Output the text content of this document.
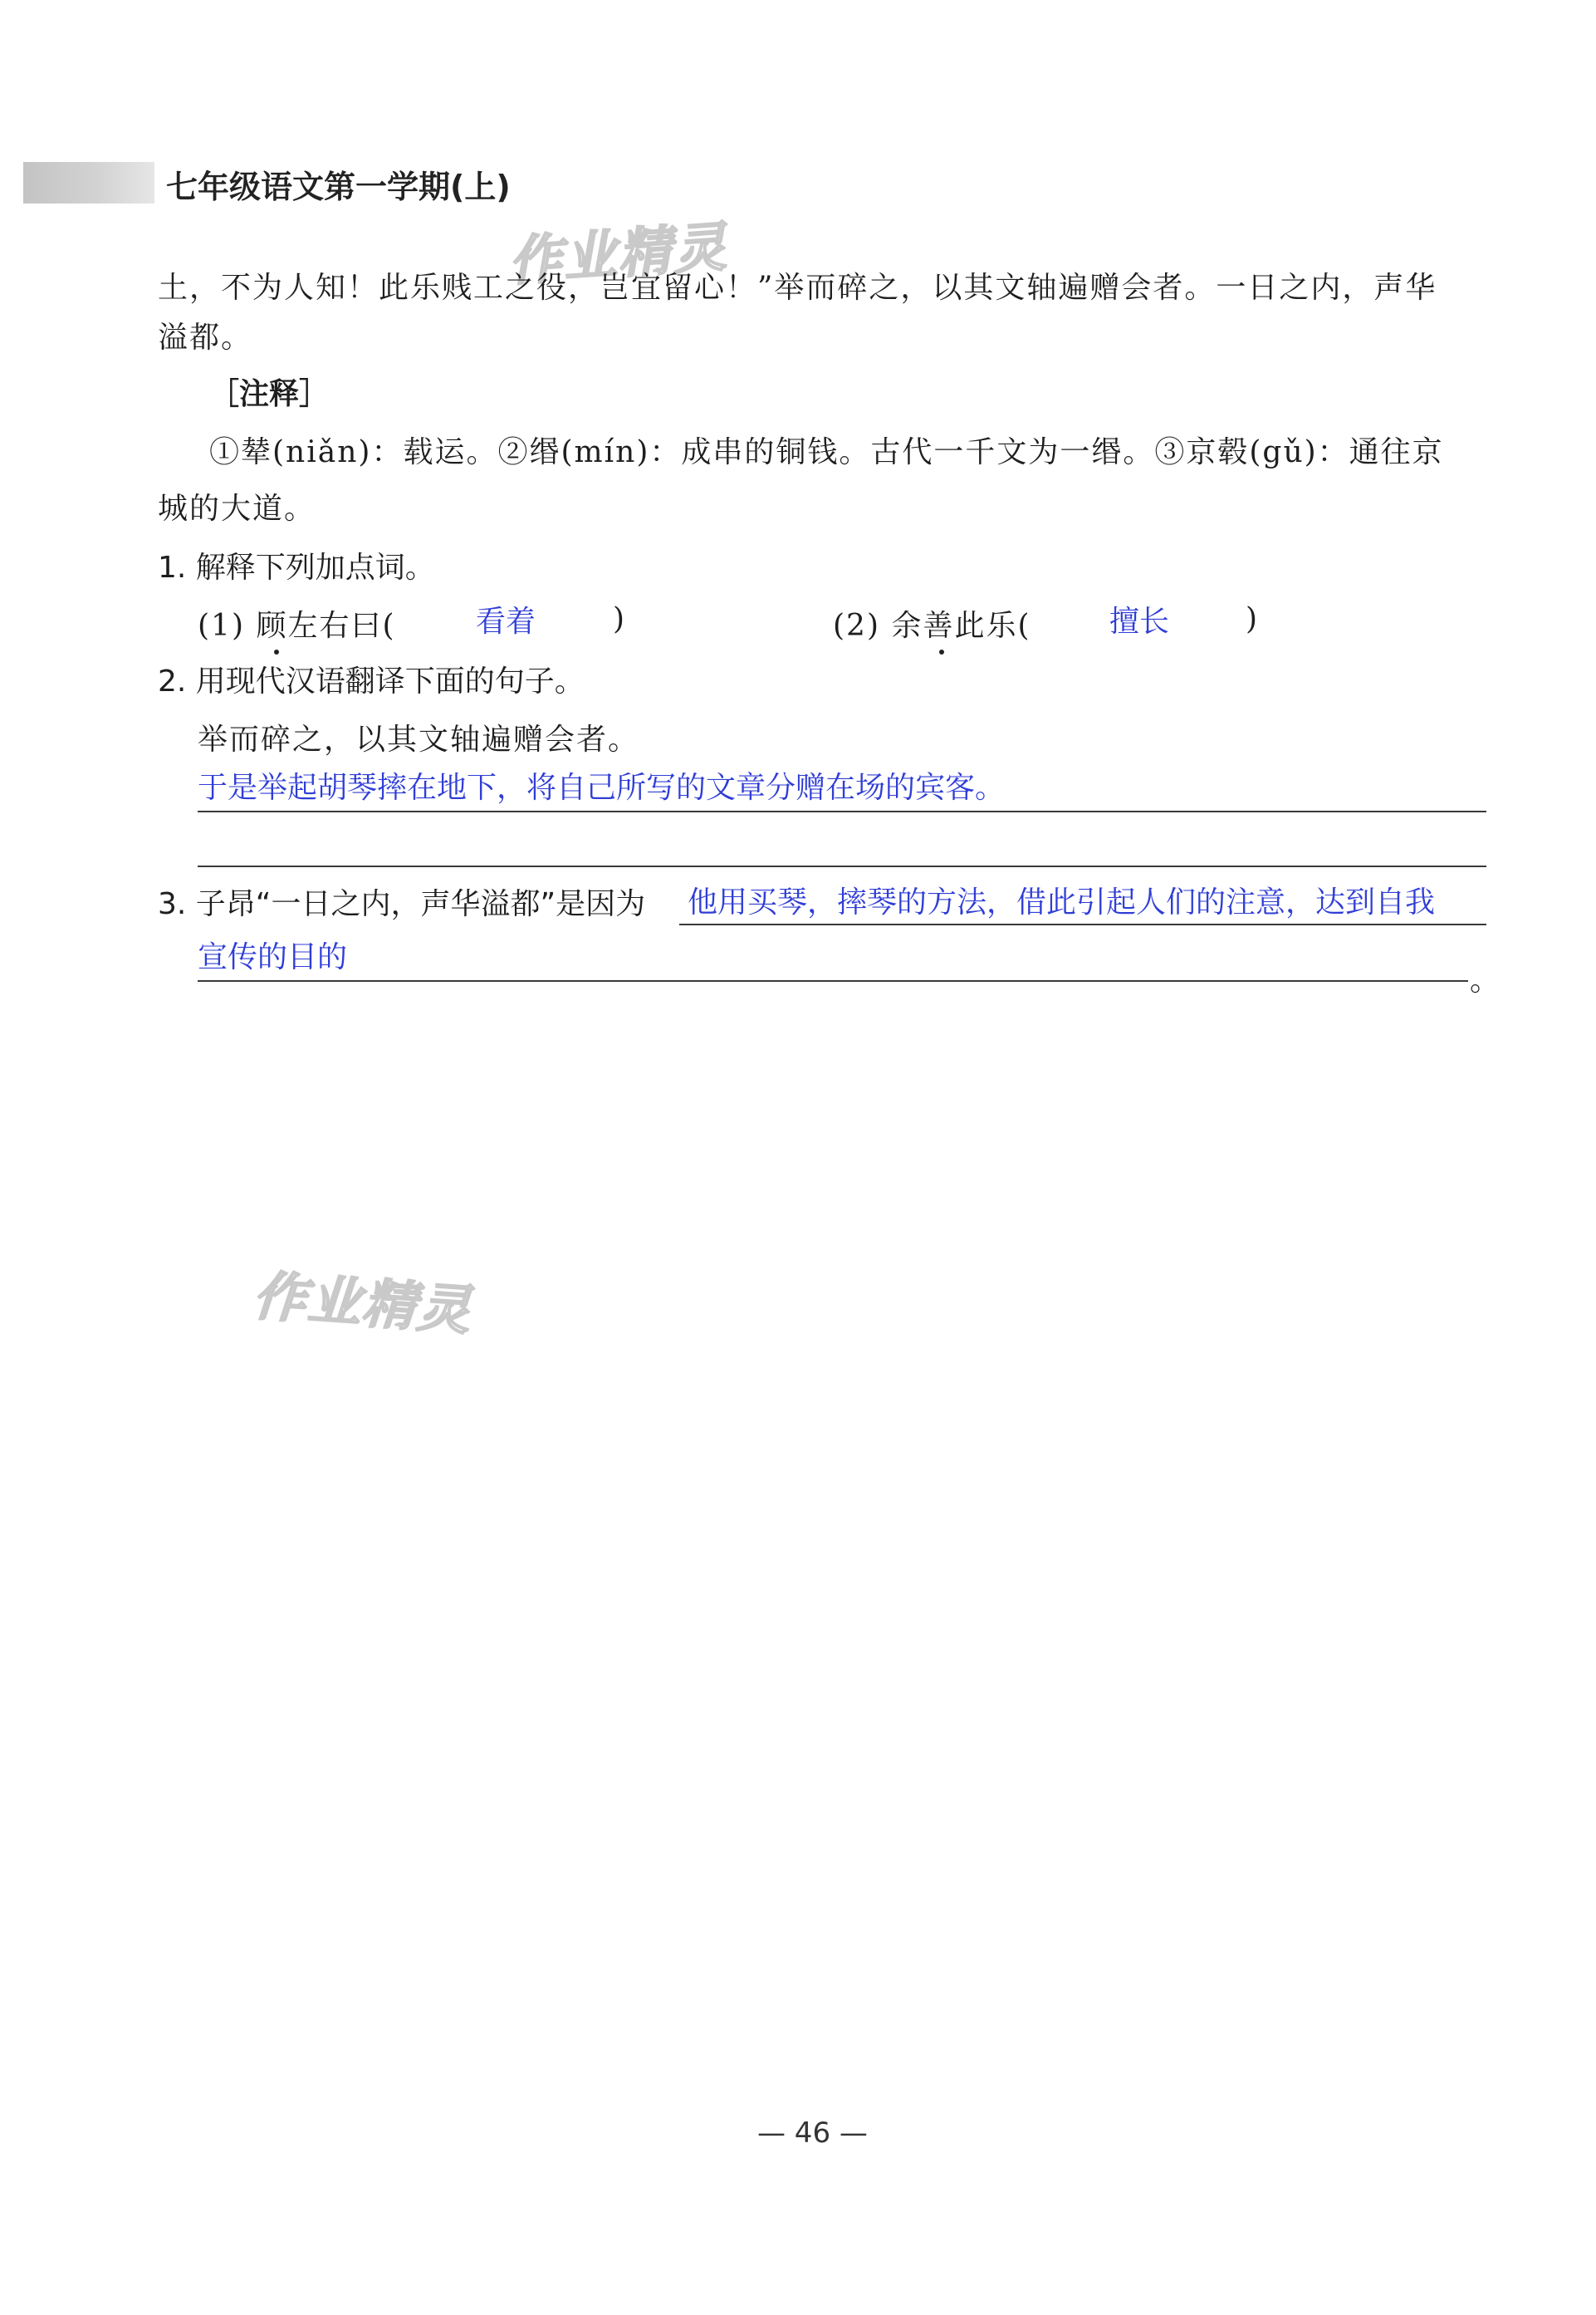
七年级语文第一学期(上)
作业精灵
作业精灵
土，不为人知！此乐贱工之役，岂宜留心！”举而碎之，以其文轴遍赠会者。一日之内，声华
溢都。
［注释］
①辇(niǎn)：载运。②缗(mín)：成串的铜钱。古代一千文为一缗。③京毂(gǔ)：通往京
城的大道。
1. 解释下列加点词。
(1) 顾左右曰(	看着	)	(2) 余善此乐(	擅长	)
2. 用现代汉语翻译下面的句子。
举而碎之，以其文轴遍赠会者。
于是举起胡琴摔在地下，将自己所写的文章分赠在场的宾客。
3. 子昂“一日之内，声华溢都”是因为 他用买琴，摔琴的方法，借此引起人们的注意，达到自我
宣传的目的
。
— 46 —
